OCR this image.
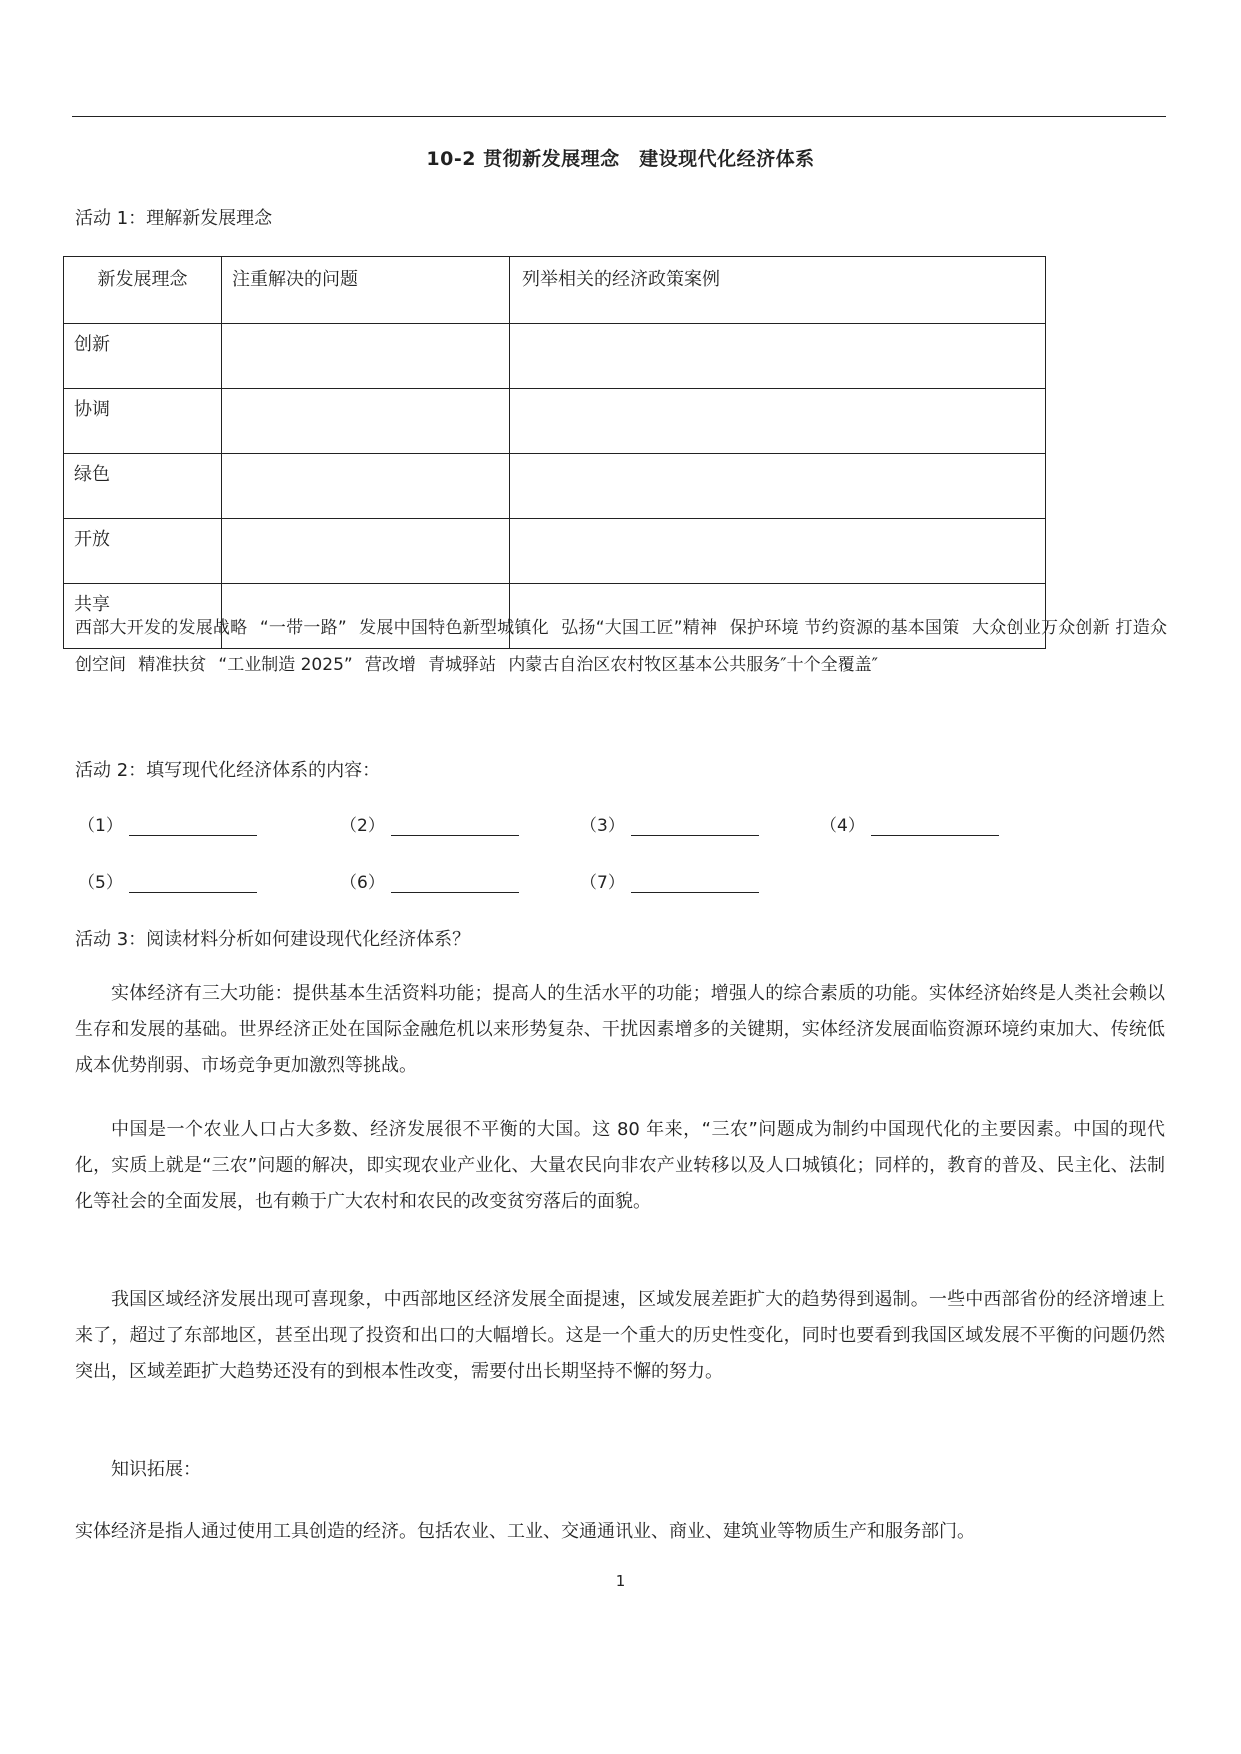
10-2 贯彻新发展理念　建设现代化经济体系
活动 1：理解新发展理念
新发展理念	注重解决的问题	列举相关的经济政策案例
创新		
协调		
绿色		
开放		
共享		
西部大开发的发展战略 “一带一路” 发展中国特色新型城镇化 弘扬“大国工匠”精神 保护环境 节约资源的基本国策 大众创业万众创新 打造众创空间 精准扶贫 “工业制造 2025” 营改增 青城驿站 内蒙古自治区农村牧区基本公共服务″十个全覆盖″
活动 2：填写现代化经济体系的内容：
（1）	（2）	（3）	（4）
（5）	（6）	（7）
活动 3：阅读材料分析如何建设现代化经济体系？
实体经济有三大功能：提供基本生活资料功能；提高人的生活水平的功能；增强人的综合素质的功能。实体经济始终是人类社会赖以生存和发展的基础。世界经济正处在国际金融危机以来形势复杂、干扰因素增多的关键期，实体经济发展面临资源环境约束加大、传统低成本优势削弱、市场竞争更加激烈等挑战。
中国是一个农业人口占大多数、经济发展很不平衡的大国。这 80 年来，“三农”问题成为制约中国现代化的主要因素。中国的现代化，实质上就是“三农”问题的解决，即实现农业产业化、大量农民向非农产业转移以及人口城镇化；同样的，教育的普及、民主化、法制化等社会的全面发展，也有赖于广大农村和农民的改变贫穷落后的面貌。
我国区域经济发展出现可喜现象，中西部地区经济发展全面提速，区域发展差距扩大的趋势得到遏制。一些中西部省份的经济增速上来了，超过了东部地区，甚至出现了投资和出口的大幅增长。这是一个重大的历史性变化，同时也要看到我国区域发展不平衡的问题仍然突出，区域差距扩大趋势还没有的到根本性改变，需要付出长期坚持不懈的努力。
知识拓展：
实体经济是指人通过使用工具创造的经济。包括农业、工业、交通通讯业、商业、建筑业等物质生产和服务部门。
1
